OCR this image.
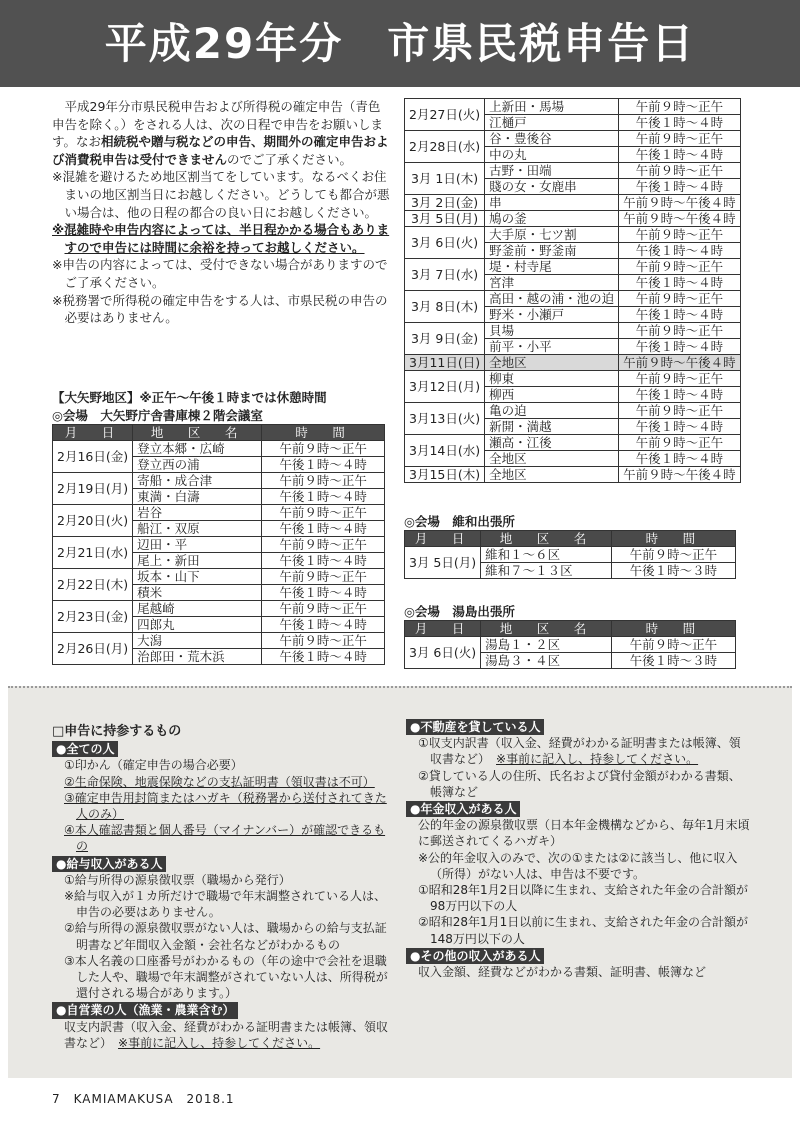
平成29年分　市県民税申告日

平成29年分市県民税申告および所得税の確定申告（青色申告を除く。）をされる人は、次の日程で申告をお願いします。なお相続税や贈与税などの申告、期間外の確定申告および消費税申告は受付できませんのでご了承ください。

※混雑を避けるため地区割当てをしています。なるべくお住まいの地区割当日にお越しください。どうしても都合が悪い場合は、他の日程の都合の良い日にお越しください。

※混雑時や申告内容によっては、半日程かかる場合もありますので申告には時間に余裕を持ってお越しください。

※申告の内容によっては、受付できない場合がありますのでご了承ください。

※税務署で所得税の確定申告をする人は、市県民税の申告の必要はありません。

【大矢野地区】※正午～午後１時までは休憩時間
◎会場　大矢野庁舎書庫棟２階会議室
月　日	地　区　名	時　間
2月16日(金)	登立本郷・広崎	午前９時～正午
	登立西の浦	午後１時～４時
2月19日(月)	寄船・成合津	午前９時～正午
	東満・白濤	午後１時～４時
2月20日(火)	岩谷	午前９時～正午
	船江・双原	午後１時～４時
2月21日(水)	辺田・平	午前９時～正午
	尾上・新田	午後１時～４時
2月22日(木)	坂本・山下	午前９時～正午
	積米	午後１時～４時
2月23日(金)	尾越崎	午前９時～正午
	四郎丸	午後１時～４時
2月26日(月)	大潟	午前９時～正午
	治郎田・荒木浜	午後１時～４時
2月27日(火)	上新田・馬場	午前９時～正午
	江樋戸	午後１時～４時
2月28日(水)	谷・豊後谷	午前９時～正午
	中の丸	午後１時～４時
3月 1日(木)	古野・田端	午前９時～正午
	賤の女・女鹿串	午後１時～４時
3月 2日(金)	串	午前９時～午後４時
3月 5日(月)	鳩の釜	午前９時～午後４時
3月 6日(火)	大手原・七ツ割	午前９時～正午
	野釜前・野釜南	午後１時～４時
3月 7日(水)	堤・村寺尾	午前９時～正午
	宮津	午後１時～４時
3月 8日(木)	高田・越の浦・池の迫	午前９時～正午
	野米・小瀬戸	午後１時～４時
3月 9日(金)	貝場	午前９時～正午
	前平・小平	午後１時～４時
3月11日(日)	全地区	午前９時～午後４時
3月12日(月)	柳東	午前９時～正午
	柳西	午後１時～４時
3月13日(火)	亀の迫	午前９時～正午
	新開・満越	午後１時～４時
3月14日(水)	瀬高・江後	午前９時～正午
	全地区	午後１時～４時
3月15日(木)	全地区	午前９時～午後４時
◎会場　維和出張所
月　日	地　区　名	時　間
3月 5日(月)	維和１～６区	午前９時～正午
	維和７～１３区	午後１時～３時
◎会場　湯島出張所
月　日	地　区　名	時　間
3月 6日(火)	湯島１・２区	午前９時～正午
	湯島３・４区	午後１時～３時

□申告に持参するもの

●全ての人

①印かん（確定申告の場合必要）

②生命保険、地震保険などの支払証明書（領収書は不可）

③確定申告用封筒またはハガキ（税務署から送付されてきた人のみ）

④本人確認書類と個人番号（マイナンバー）が確認できるもの

●給与収入がある人

①給与所得の源泉徴収票（職場から発行）

※給与収入が１カ所だけで職場で年末調整されている人は、申告の必要はありません。

②給与所得の源泉徴収票がない人は、職場からの給与支払証明書など年間収入金額・会社名などがわかるもの

③本人名義の口座番号がわかるもの（年の途中で会社を退職した人や、職場で年末調整がされていない人は、所得税が還付される場合があります。）

●自営業の人（漁業・農業含む）

収支内訳書（収入金、経費がわかる証明書または帳簿、領収書など）　 ※事前に記入し、持参してください。

●不動産を貸している人

①収支内訳書（収入金、経費がわかる証明書または帳簿、領収書など）　 ※事前に記入し、持参してください。

②貸している人の住所、氏名および貸付金額がわかる書類、帳簿など

●年金収入がある人

公的年金の源泉徴収票（日本年金機構などから、毎年1月末頃に郵送されてくるハガキ）

※公的年金収入のみで、次の①または②に該当し、他に収入（所得）がない人は、申告は不要です。

①昭和28年1月2日以降に生まれ、支給された年金の合計額が98万円以下の人

②昭和28年1月1日以前に生まれ、支給された年金の合計額が148万円以下の人

●その他の収入がある人

収入金額、経費などがわかる書類、証明書、帳簿など

7　KAMIAMAKUSA　2018.1
